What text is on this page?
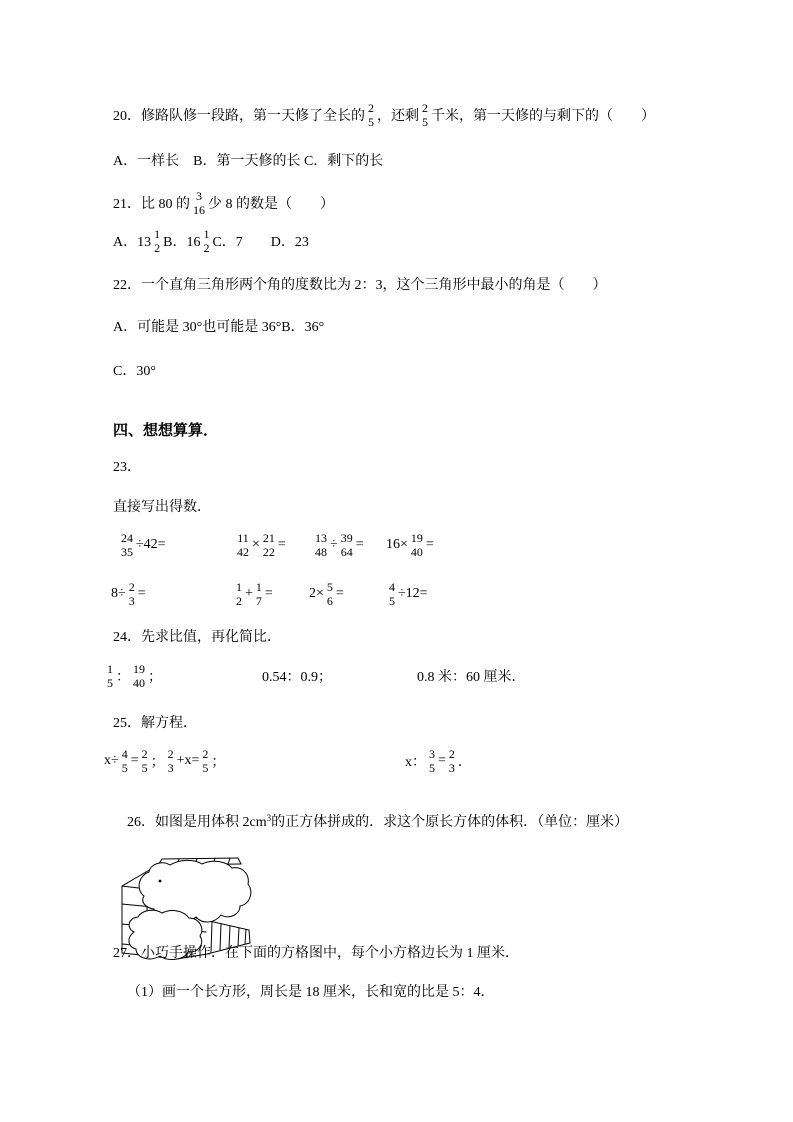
20．修路队修一段路，第一天修了全长的
2
5 ，还剩
2
5 千米，第一天修的与剩下的（　　）
A．一样长　B．第一天修的长 C．剩下的长
21．比 80 的
3
16 少 8 的数是（　　）
A．13
1
2 B．16
1
2 C．7　　D．23
22．一个直角三角形两个角的度数比为 2：3，这个三角形中最小的角是（　　）
A．可能是 30°也可能是 36°B．36°
C．30°
四、想想算算．
23．
直接写出得数．
24
35 ÷42=	11
42 × 21
22 = 13
48 ÷ 39
64 = 16× 19
40 =
8÷ 2
3 =	1
2 + 1
7 =	2× 5
6 =	4
5 ÷12=
24．先求比值，再化简比．
1
5 ：
19
40 ；	0.54：0.9；	0.8 米：60 厘米．
25．解方程．
x÷ 4
5 = 2
5 ；
2
3 +x= 2
5 ；	x：
3
5 = 2
3 ．

26．如图是用体积 $2cm^3$的正方体拼成的．求这个原长方体的体积．（单位：厘米）

27．小巧手操作．在下面的方格图中，每个小方格边长为 1 厘米．
（1）画一个长方形，周长是 18 厘米，长和宽的比是 5：4．
